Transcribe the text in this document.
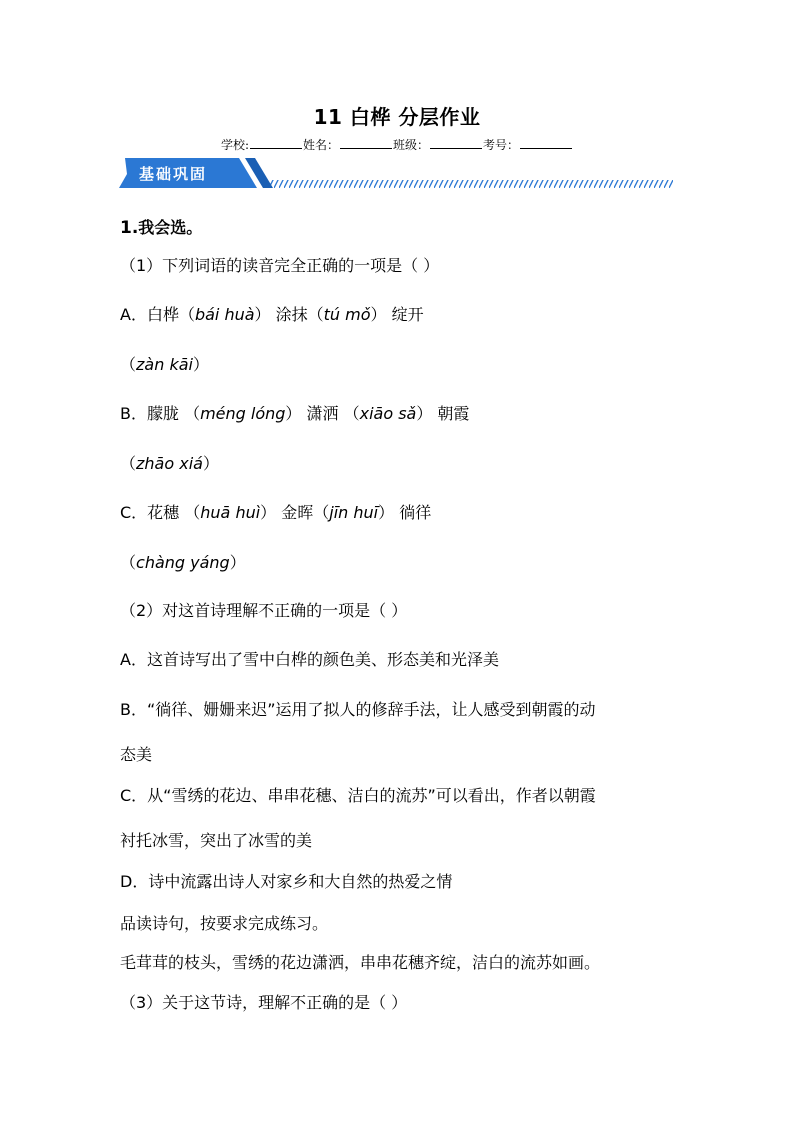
11 白桦 分层作业
学校:	姓名：	班级：	考号：
基础巩固
1.我会选。
（1）下列词语的读音完全正确的一项是（ ）
A．白桦（bái huà） 涂抹（tú mǒ） 绽开
（zàn kāi）
B．朦胧 （méng lóng） 潇洒 （xiāo sǎ） 朝霞
（zhāo xiá）
C．花穗 （huā huì） 金晖（jīn huī） 徜徉
（chàng yáng）
（2）对这首诗理解不正确的一项是（ ）
A．这首诗写出了雪中白桦的颜色美、形态美和光泽美
B．“徜徉、姗姗来迟”运用了拟人的修辞手法，让人感受到朝霞的动
态美
C．从“雪绣的花边、串串花穗、洁白的流苏”可以看出，作者以朝霞
衬托冰雪，突出了冰雪的美
D．诗中流露出诗人对家乡和大自然的热爱之情
品读诗句，按要求完成练习。
毛茸茸的枝头，雪绣的花边潇洒，串串花穗齐绽，洁白的流苏如画。
（3）关于这节诗，理解不正确的是（ ）
